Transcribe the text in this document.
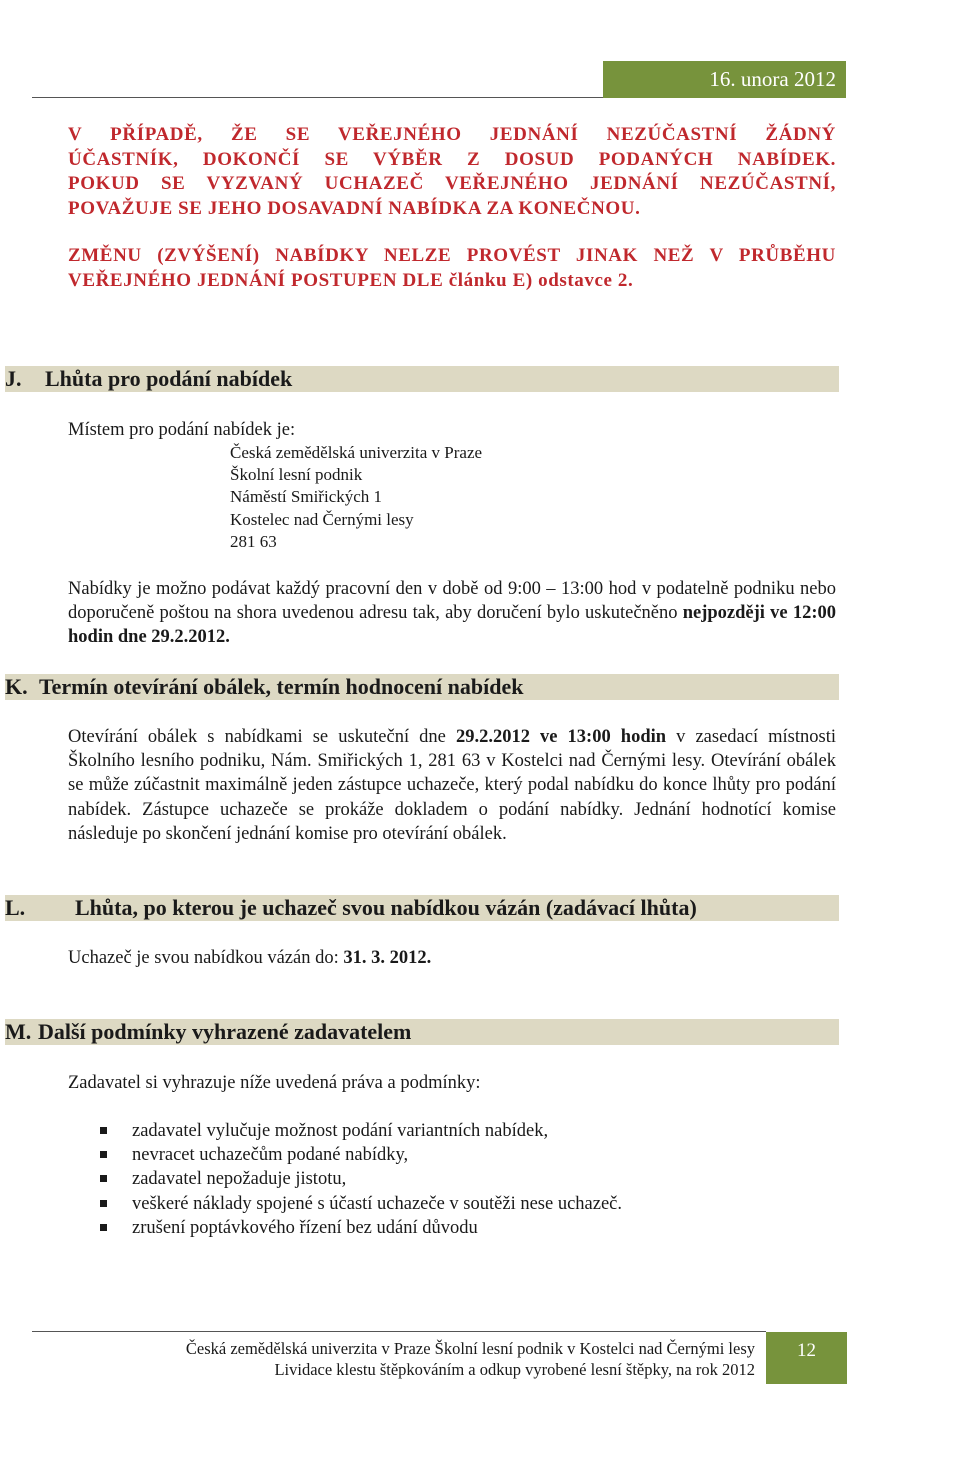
16. unora 2012
V PŘÍPADĚ, ŽE SE VEŘEJNÉHO JEDNÁNÍ NEZÚČASTNÍ ŽÁDNÝ
ÚČASTNÍK, DOKONČÍ SE VÝBĚR Z DOSUD PODANÝCH NABÍDEK.
POKUD SE VYZVANÝ UCHAZEČ VEŘEJNÉHO JEDNÁNÍ NEZÚČASTNÍ,
POVAŽUJE SE JEHO DOSAVADNÍ NABÍDKA ZA KONEČNOU.
ZMĚNU (ZVÝŠENÍ) NABÍDKY NELZE PROVÉST JINAK NEŽ V PRŮBĚHU
VEŘEJNÉHO JEDNÁNÍ POSTUPEN DLE článku E) odstavce 2.
J. Lhůta pro podání nabídek
Místem pro podání nabídek je:
Česká zemědělská univerzita v Praze
Školní lesní podnik
Náměstí Smiřických 1
Kostelec nad Černými lesy
281 63
Nabídky je možno podávat každý pracovní den v době od 9:00 – 13:00 hod v podatelně podniku nebo doporučeně poštou na shora uvedenou adresu tak, aby doručení bylo uskutečněno nejpozději ve 12:00 hodin dne 29.2.2012.
K. Termín otevírání obálek, termín hodnocení nabídek
Otevírání obálek s nabídkami se uskuteční dne 29.2.2012 ve 13:00 hodin v zasedací místnosti Školního lesního podniku, Nám. Smiřických 1, 281 63 v Kostelci nad Černými lesy. Otevírání obálek se může zúčastnit maximálně jeden zástupce uchazeče, který podal nabídku do konce lhůty pro podání nabídek. Zástupce uchazeče se prokáže dokladem o podání nabídky. Jednání hodnotící komise následuje po skončení jednání komise pro otevírání obálek.
L. Lhůta, po kterou je uchazeč svou nabídkou vázán (zadávací lhůta)
Uchazeč je svou nabídkou vázán do: 31. 3. 2012.
M. Další podmínky vyhrazené zadavatelem
Zadavatel si vyhrazuje níže uvedená práva a podmínky:
zadavatel vylučuje možnost podání variantních nabídek,
nevracet uchazečům podané nabídky,
zadavatel nepožaduje jistotu,
veškeré náklady spojené s účastí uchazeče v soutěži nese uchazeč.
zrušení poptávkového řízení bez udání důvodu
Česká zemědělská univerzita v Praze Školní lesní podnik v Kostelci nad Černými lesy
Lividace klestu štěpkováním a odkup vyrobené lesní štěpky, na rok 2012
12
